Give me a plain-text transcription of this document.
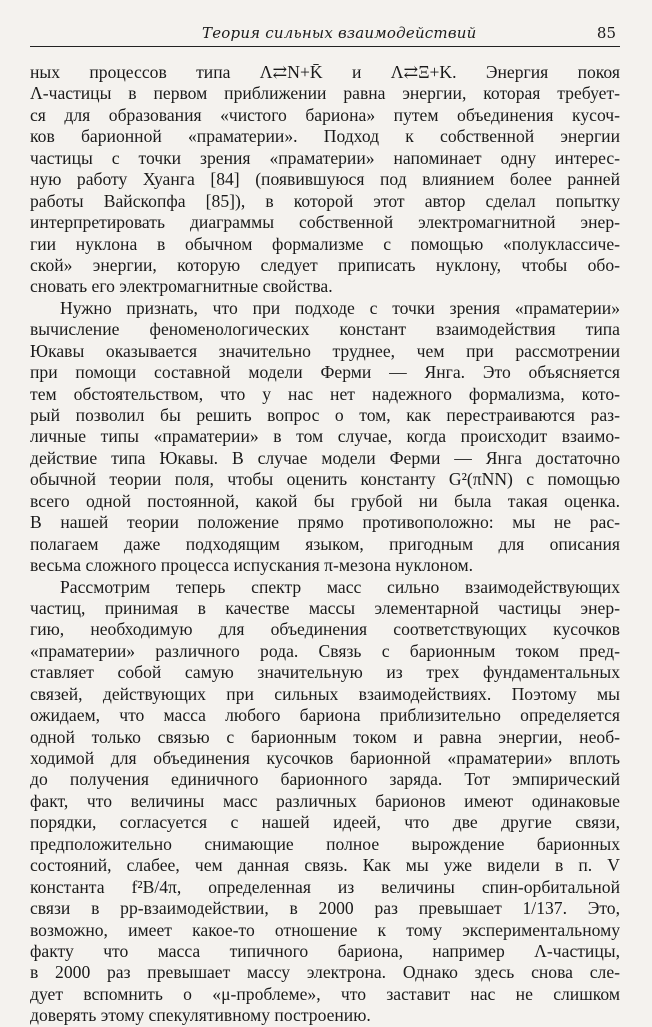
Теория сильных взаимодействий	85
ных процессов типа Λ⇄N+K̄ и Λ⇄Ξ+K. Энергия покоя
Λ-частицы в первом приближении равна энергии, которая требует-
ся для образования «чистого бариона» путем объединения кусоч-
ков барионной «праматерии». Подход к собственной энергии
частицы с точки зрения «праматерии» напоминает одну интерес-
ную работу Хуанга [84] (появившуюся под влиянием более ранней
работы Вайскопфа [85]), в которой этот автор сделал попытку
интерпретировать диаграммы собственной электромагнитной энер-
гии нуклона в обычном формализме с помощью «полуклассиче-
ской» энергии, которую следует приписать нуклону, чтобы обо-
сновать его электромагнитные свойства.
Нужно признать, что при подходе с точки зрения «праматерии»
вычисление феноменологических констант взаимодействия типа
Юкавы оказывается значительно труднее, чем при рассмотрении
при помощи составной модели Ферми — Янга. Это объясняется
тем обстоятельством, что у нас нет надежного формализма, кото-
рый позволил бы решить вопрос о том, как перестраиваются раз-
личные типы «праматерии» в том случае, когда происходит взаимо-
действие типа Юкавы. В случае модели Ферми — Янга достаточно
обычной теории поля, чтобы оценить константу G²(πNN) с помощью
всего одной постоянной, какой бы грубой ни была такая оценка.
В нашей теории положение прямо противоположно: мы не рас-
полагаем даже подходящим языком, пригодным для описания
весьма сложного процесса испускания π-мезона нуклоном.
Рассмотрим теперь спектр масс сильно взаимодействующих
частиц, принимая в качестве массы элементарной частицы энер-
гию, необходимую для объединения соответствующих кусочков
«праматерии» различного рода. Связь с барионным током пред-
ставляет собой самую значительную из трех фундаментальных
связей, действующих при сильных взаимодействиях. Поэтому мы
ожидаем, что масса любого бариона приблизительно определяется
одной только связью с барионным током и равна энергии, необ-
ходимой для объединения кусочков барионной «праматерии» вплоть
до получения единичного барионного заряда. Тот эмпирический
факт, что величины масс различных барионов имеют одинаковые
порядки, согласуется с нашей идеей, что две другие связи,
предположительно снимающие полное вырождение барионных
состояний, слабее, чем данная связь. Как мы уже видели в п. V
константа f²B/4π, определенная из величины спин-орбитальной
связи в pp-взаимодействии, в 2000 раз превышает 1/137. Это,
возможно, имеет какое-то отношение к тому экспериментальному
факту что масса типичного бариона, например Λ-частицы,
в 2000 раз превышает массу электрона. Однако здесь снова сле-
дует вспомнить о «μ-проблеме», что заставит нас не слишком
доверять этому спекулятивному построению.
